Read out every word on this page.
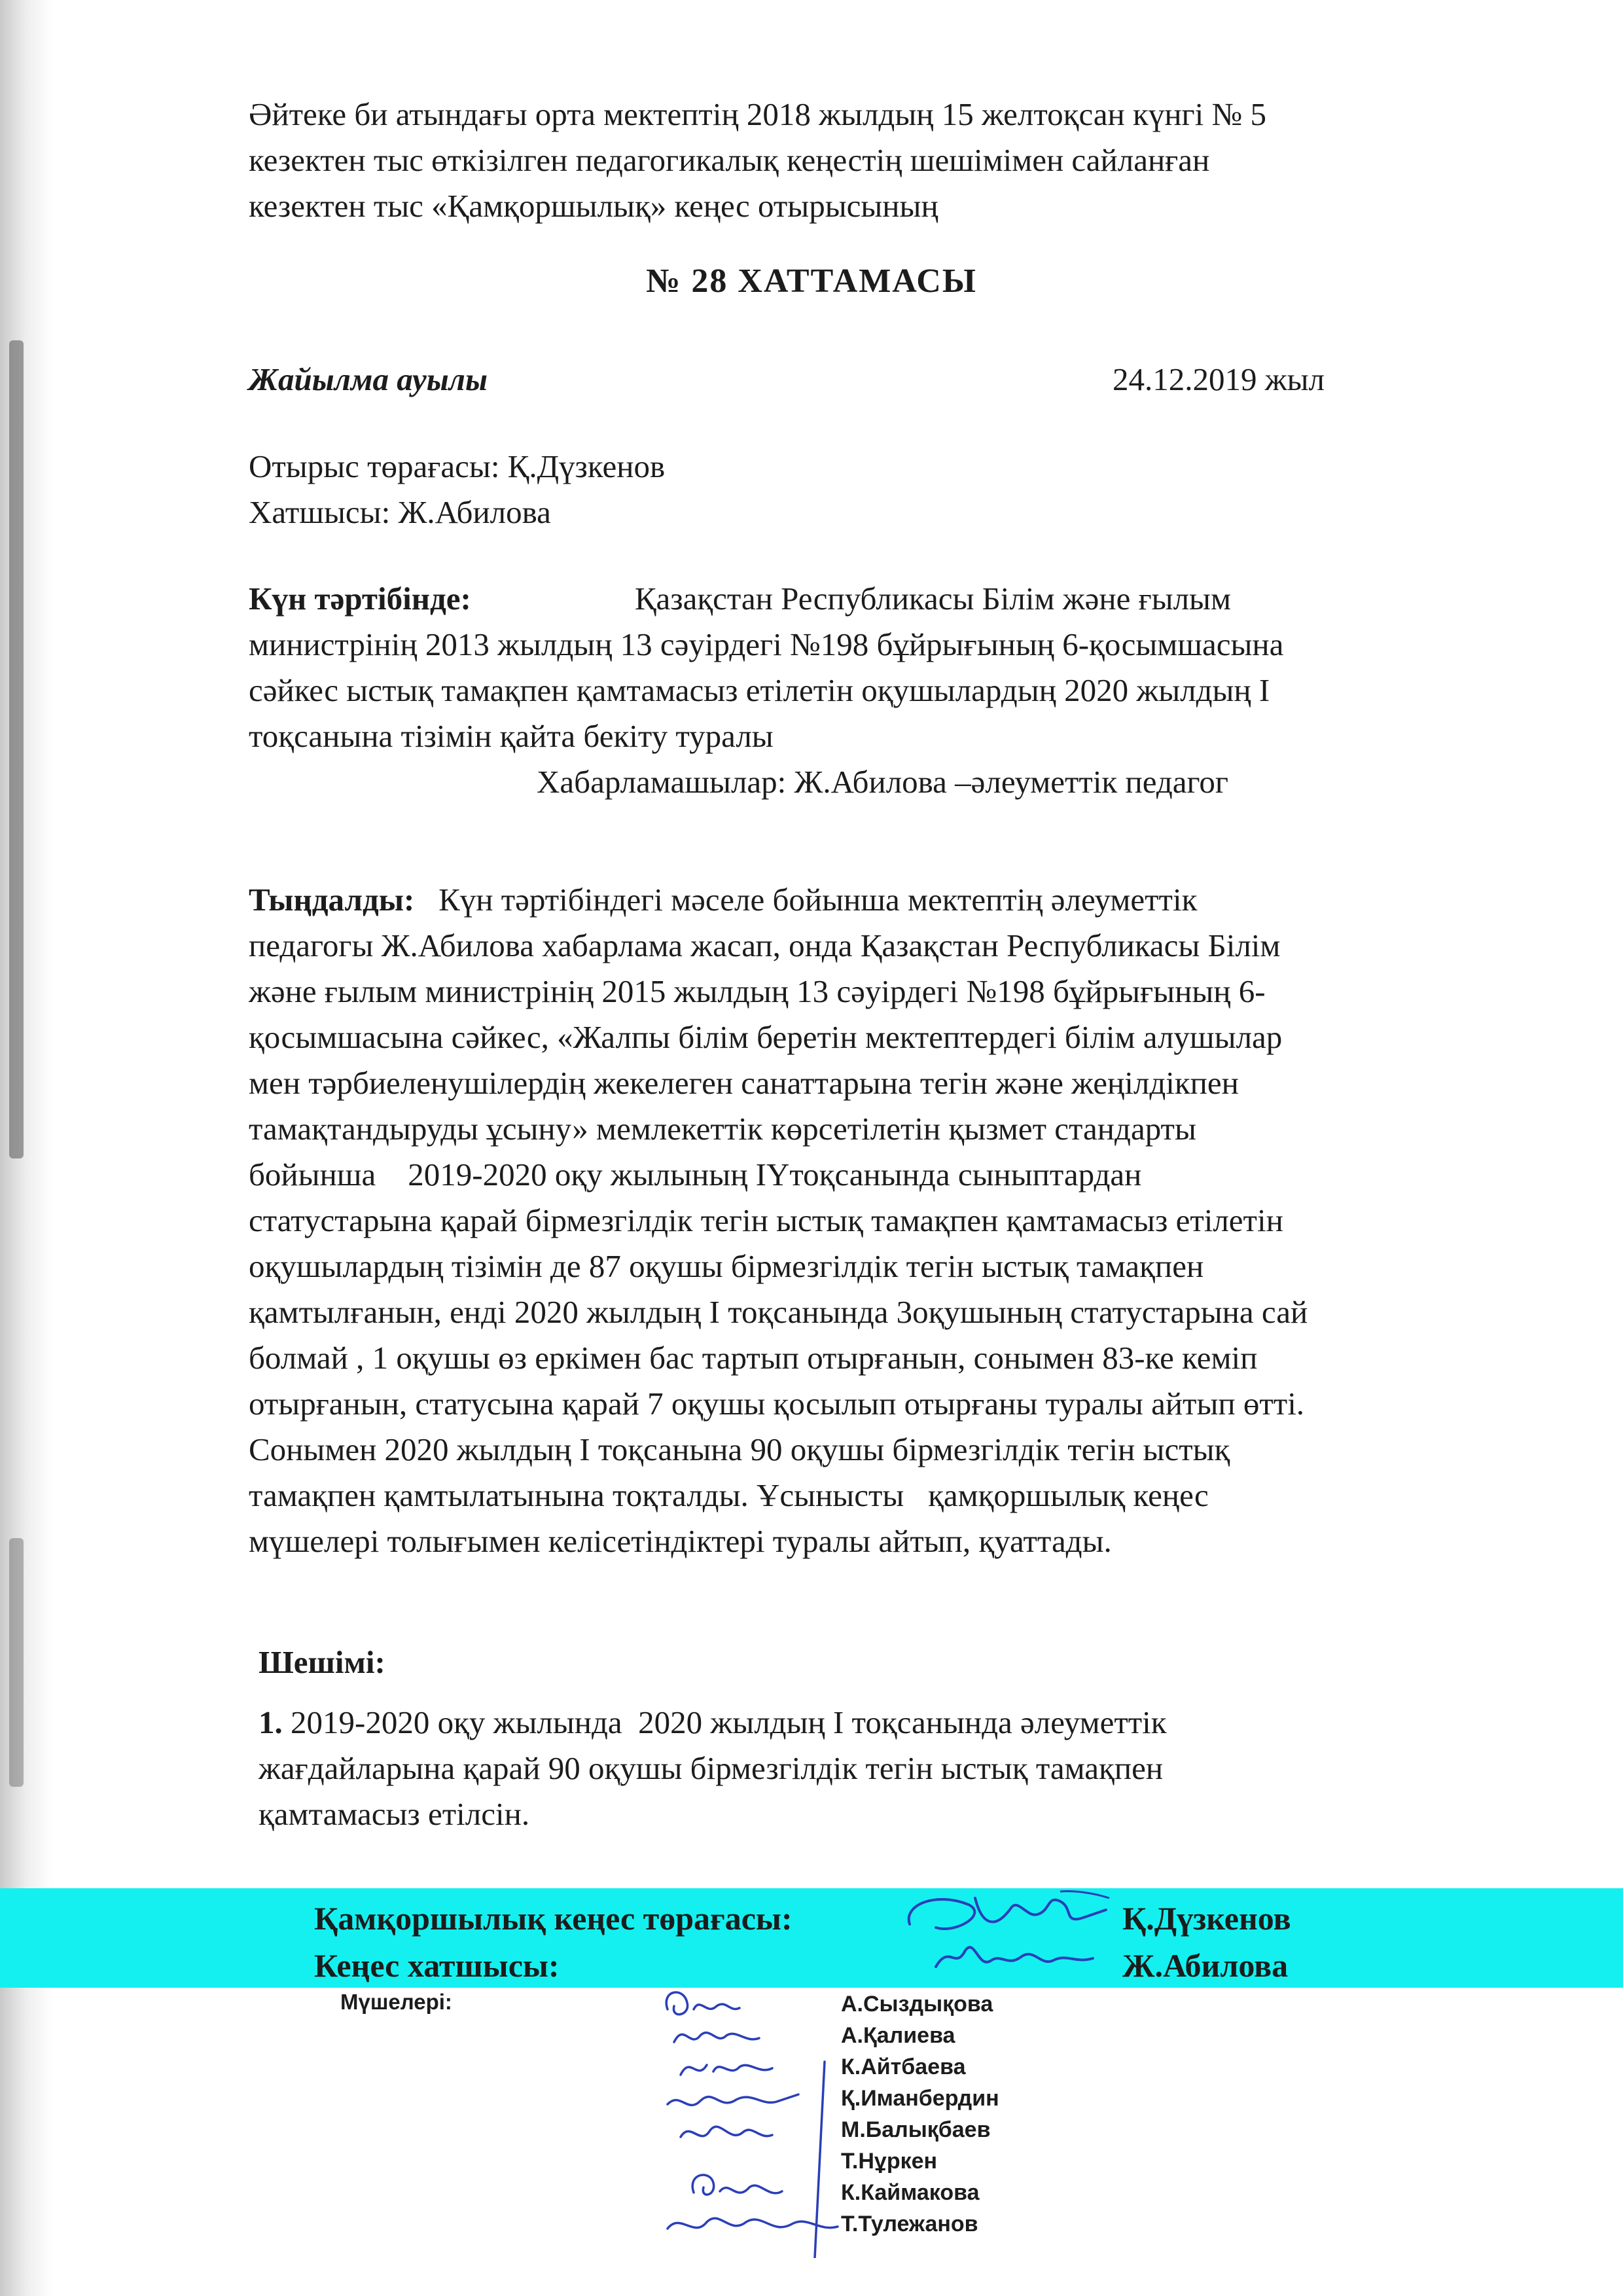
Әйтеке би атындағы орта мектептің 2018 жылдың 15 желтоқсан күнгі № 5
кезектен тыс өткізілген педагогикалық кеңестің шешімімен сайланған
кезектен тыс «Қамқоршылық» кеңес отырысының
№ 28 ХАТТАМАСЫ
Жайылма ауылы	24.12.2019 жыл
Отырыс төрағасы: Қ.Дүзкенов
Хатшысы: Ж.Абилова
Күн тәртібінде:	Қазақстан Республикасы Білім және ғылым
министрінің 2013 жылдың 13 сәуірдегі №198 бұйрығының 6-қосымшасына
сәйкес ыстық тамақпен қамтамасыз етілетін оқушылардың 2020 жылдың І
тоқсанына тізімін қайта бекіту туралы
Хабарламашылар: Ж.Абилова –әлеуметтік педагог
Тыңдалды:   Күн тәртібіндегі мәселе бойынша мектептің әлеуметтік
педагогы Ж.Абилова хабарлама жасап, онда Қазақстан Республикасы Білім
және ғылым министрінің 2015 жылдың 13 сәуірдегі №198 бұйрығының 6-
қосымшасына сәйкес, «Жалпы білім беретін мектептердегі білім алушылар
мен тәрбиеленушілердің жекелеген санаттарына тегін және жеңілдікпен
тамақтандыруды ұсыну» мемлекеттік көрсетілетін қызмет стандарты
бойынша    2019-2020 оқу жылының ІҮтоқсанында сыныптардан
статустарына қарай бірмезгілдік тегін ыстық тамақпен қамтамасыз етілетін
оқушылардың тізімін де 87 оқушы бірмезгілдік тегін ыстық тамақпен
қамтылғанын, енді 2020 жылдың І тоқсанында 3оқушының статустарына сай
болмай , 1 оқушы өз еркімен бас тартып отырғанын, сонымен 83-ке кеміп
отырғанын, статусына қарай 7 оқушы қосылып отырғаны туралы айтып өтті.
Сонымен 2020 жылдың І тоқсанына 90 оқушы бірмезгілдік тегін ыстық
тамақпен қамтылатынына тоқталды. Ұсынысты   қамқоршылық кеңес
мүшелері толығымен келісетіндіктері туралы айтып, қуаттады.
Шешімі:
1. 2019-2020 оқу жылында  2020 жылдың І тоқсанында әлеуметтік
жағдайларына қарай 90 оқушы бірмезгілдік тегін ыстық тамақпен
қамтамасыз етілсін.
Қамқоршылық кеңес төрағасы:	Қ.Дүзкенов
Кеңес хатшысы:	Ж.Абилова
Мүшелері:	А.Сыздықова
А.Қалиева
К.Айтбаева
Қ.Иманбердин
М.Балықбаев
Т.Нұркен
К.Каймакова
Т.Тулежанов
